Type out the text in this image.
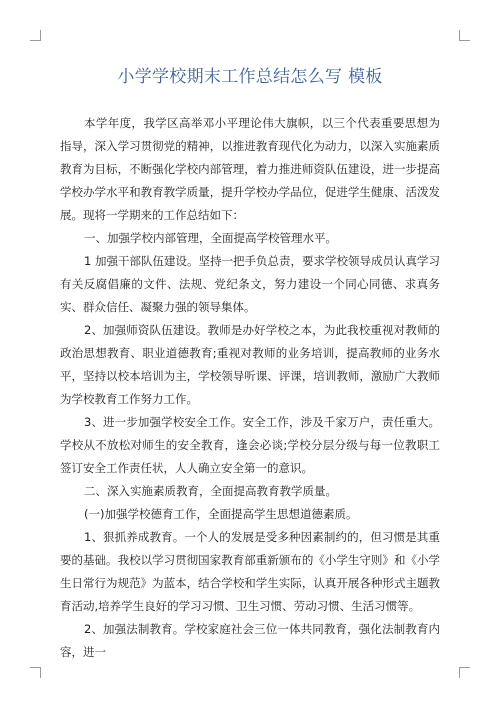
小学学校期末工作总结怎么写 模板

本学年度，我学区高举邓小平理论伟大旗帜，以三个代表重要思想为指导，深入学习贯彻党的精神，以推进教育现代化为动力，以深入实施素质教育为目标，不断强化学校内部管理，着力推进师资队伍建设，进一步提高学校办学水平和教育教学质量，提升学校办学品位，促进学生健康、活泼发展。现将一学期来的工作总结如下：

一、加强学校内部管理，全面提高学校管理水平。

1 加强干部队伍建设。坚持一把手负总责，要求学校领导成员认真学习有关反腐倡廉的文件、法规、党纪条文，努力建设一个同心同德、求真务实、群众信任、凝聚力强的领导集体。

2、加强师资队伍建设。教师是办好学校之本，为此我校重视对教师的政治思想教育、职业道德教育;重视对教师的业务培训，提高教师的业务水平，坚持以校本培训为主，学校领导听课、评课，培训教师，激励广大教师为学校教育工作努力工作。

3、进一步加强学校安全工作。安全工作，涉及千家万户，责任重大。学校从不放松对师生的安全教育，逢会必谈;学校分层分级与每一位教职工签订安全工作责任状，人人确立安全第一的意识。

二、深入实施素质教育，全面提高教育教学质量。

(一)加强学校德育工作，全面提高学生思想道德素质。

1、狠抓养成教育。一个人的发展是受多种因素制约的，但习惯是其重要的基础。我校以学习贯彻国家教育部重新颁布的《小学生守则》和《小学生日常行为规范》为蓝本，结合学校和学生实际，认真开展各种形式主题教育活动,培养学生良好的学习习惯、卫生习惯、劳动习惯、生活习惯等。

2、加强法制教育。学校家庭社会三位一体共同教育，强化法制教育内容，进一
